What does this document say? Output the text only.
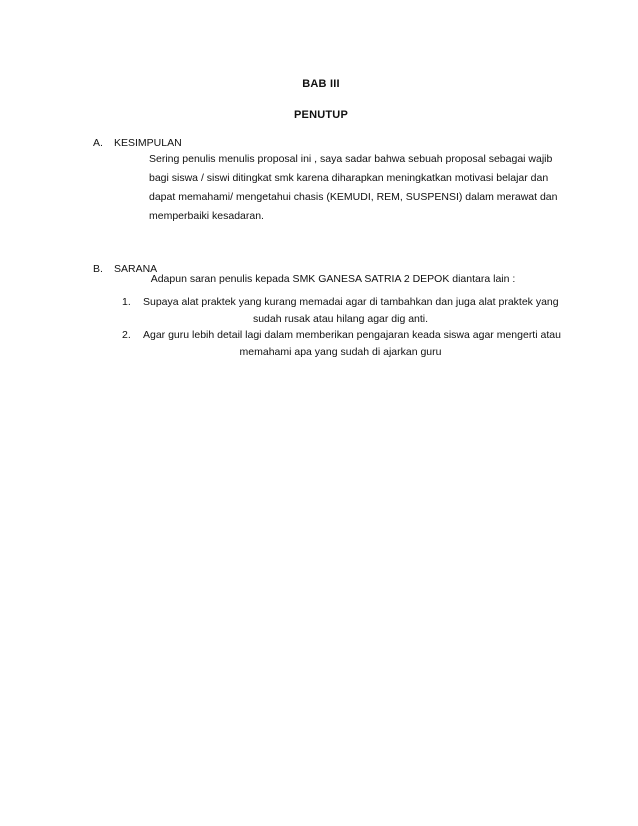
BAB III

PENUTUP

A. KESIMPULAN
Sering penulis menulis proposal ini , saya sadar bahwa sebuah proposal sebagai wajib
bagi siswa / siswi ditingkat smk karena diharapkan meningkatkan motivasi belajar dan
dapat memahami/ mengetahui chasis (KEMUDI, REM, SUSPENSI) dalam merawat dan
memperbaiki kesadaran.
B. SARANA

Adapun saran penulis kepada SMK GANESA SATRIA 2 DEPOK diantara lain :

1. Supaya alat praktek yang kurang memadai agar di tambahkan dan juga alat praktek yang
sudah rusak atau hilang agar dig anti.
2. Agar guru lebih detail lagi dalam memberikan pengajaran keada siswa agar mengerti atau
memahami apa yang sudah di ajarkan guru
